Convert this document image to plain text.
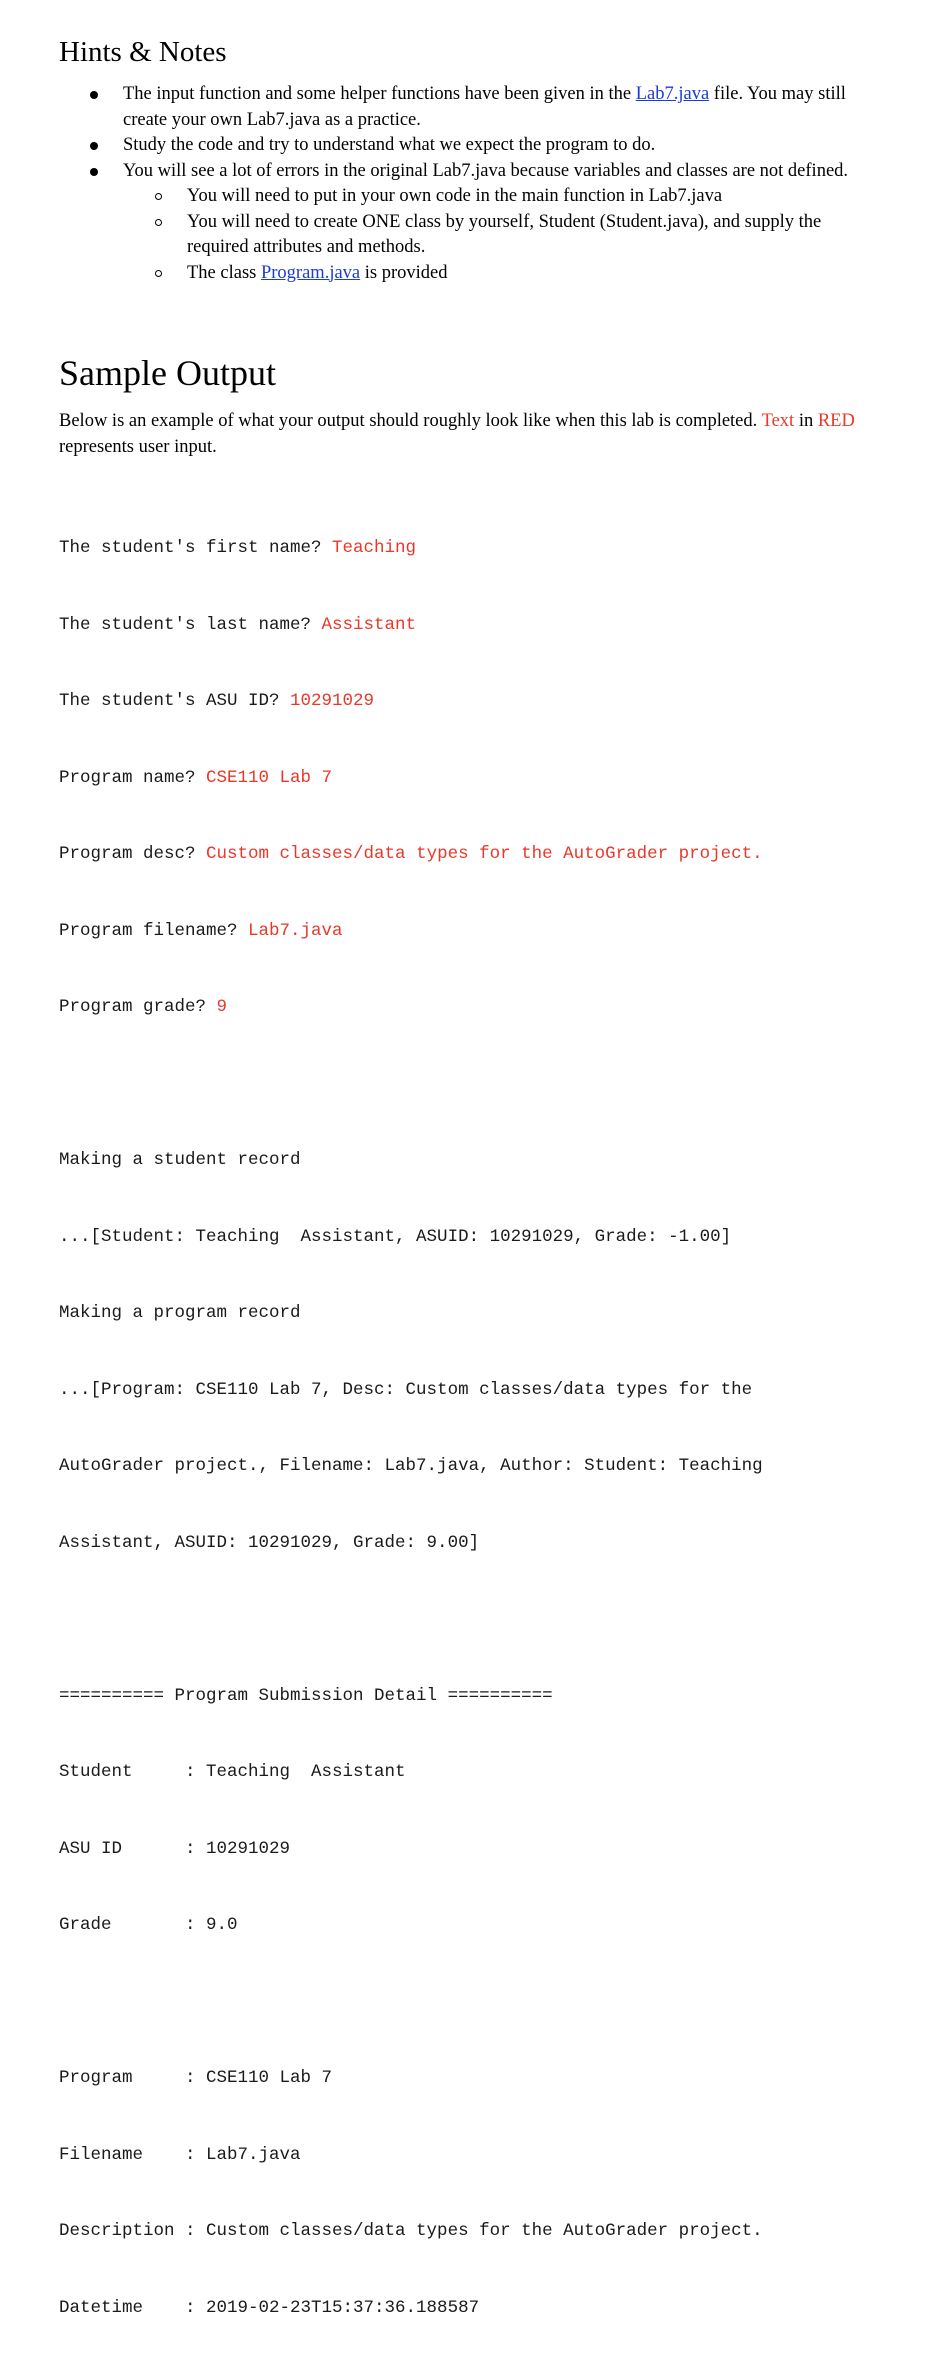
Hints & Notes
The input function and some helper functions have been given in the Lab7.java file. You may still create your own Lab7.java as a practice.
Study the code and try to understand what we expect the program to do.
You will see a lot of errors in the original Lab7.java because variables and classes are not defined.
You will need to put in your own code in the main function in Lab7.java
You will need to create ONE class by yourself, Student (Student.java), and supply the required attributes and methods.
The class Program.java is provided
Sample Output

Below is an example of what your output should roughly look like when this lab is completed. Text in RED represents user input.

The student's first name? Teaching

The student's last name? Assistant

The student's ASU ID? 10291029

Program name? CSE110 Lab 7

Program desc? Custom classes/data types for the AutoGrader project.

Program filename? Lab7.java

Program grade? 9

Making a student record

...[Student: Teaching  Assistant, ASUID: 10291029, Grade: -1.00]

Making a program record

...[Program: CSE110 Lab 7, Desc: Custom classes/data types for the

AutoGrader project., Filename: Lab7.java, Author: Student: Teaching

Assistant, ASUID: 10291029, Grade: 9.00]

========== Program Submission Detail ==========

Student     : Teaching  Assistant

ASU ID      : 10291029

Grade       : 9.0

Program     : CSE110 Lab 7

Filename    : Lab7.java

Description : Custom classes/data types for the AutoGrader project.

Datetime    : 2019-02-23T15:37:36.188587
